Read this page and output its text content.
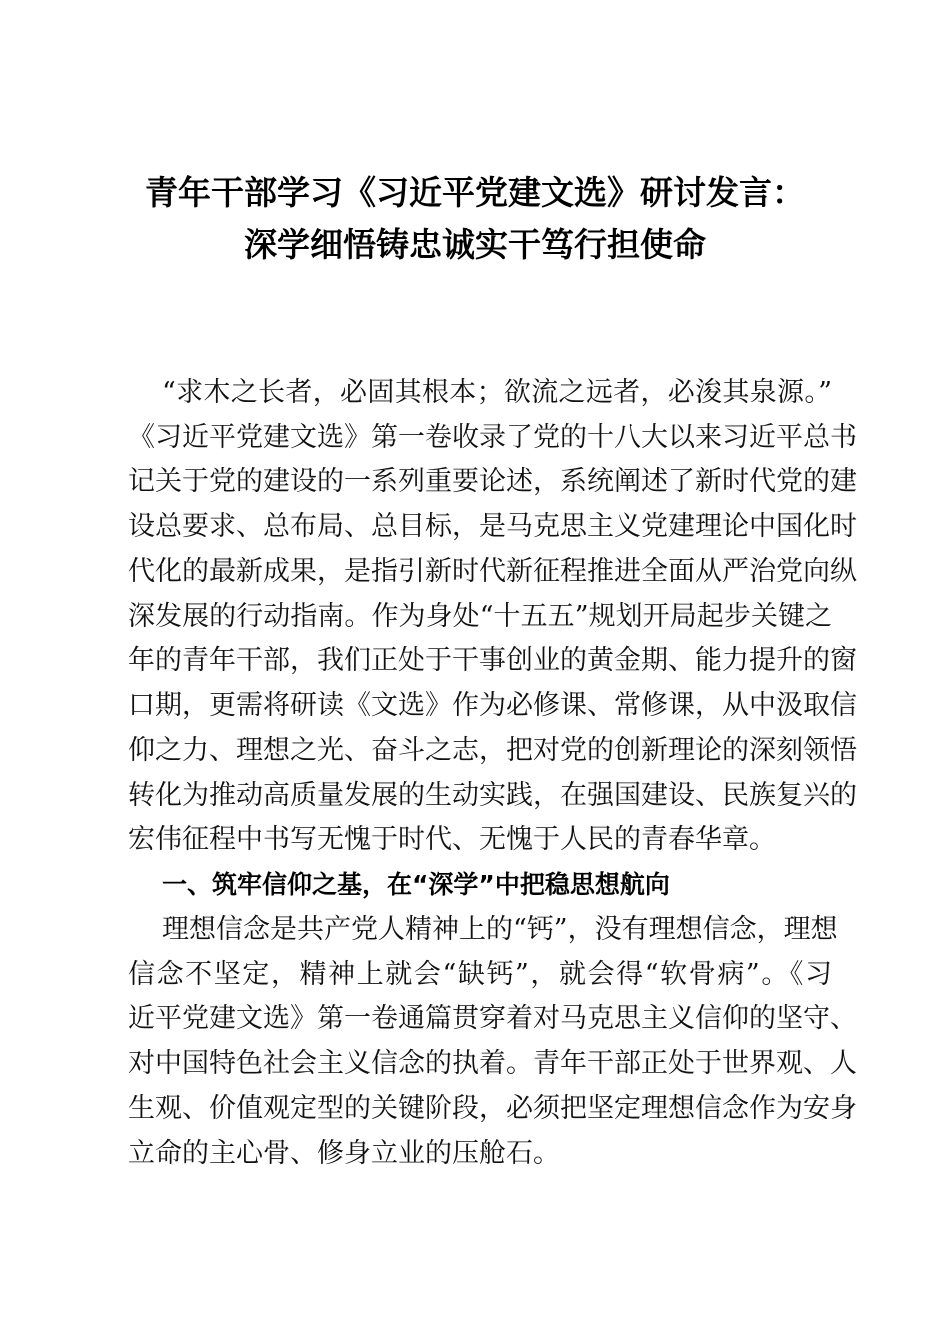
青年干部学习《习近平党建文选》研讨发言：
深学细悟铸忠诚实干笃行担使命
“求木之长者，必固其根本；欲流之远者，必浚其泉源。”
《习近平党建文选》第一卷收录了党的十八大以来习近平总书
记关于党的建设的一系列重要论述，系统阐述了新时代党的建
设总要求、总布局、总目标，是马克思主义党建理论中国化时
代化的最新成果，是指引新时代新征程推进全面从严治党向纵
深发展的行动指南。作为身处“十五五”规划开局起步关键之
年的青年干部，我们正处于干事创业的黄金期、能力提升的窗
口期，更需将研读《文选》作为必修课、常修课，从中汲取信
仰之力、理想之光、奋斗之志，把对党的创新理论的深刻领悟
转化为推动高质量发展的生动实践，在强国建设、民族复兴的
宏伟征程中书写无愧于时代、无愧于人民的青春华章。
一、筑牢信仰之基，在“深学”中把稳思想航向
理想信念是共产党人精神上的“钙”，没有理想信念，理想
信念不坚定，精神上就会“缺钙”，就会得“软骨病”。《习
近平党建文选》第一卷通篇贯穿着对马克思主义信仰的坚守、
对中国特色社会主义信念的执着。青年干部正处于世界观、人
生观、价值观定型的关键阶段，必须把坚定理想信念作为安身
立命的主心骨、修身立业的压舱石。
